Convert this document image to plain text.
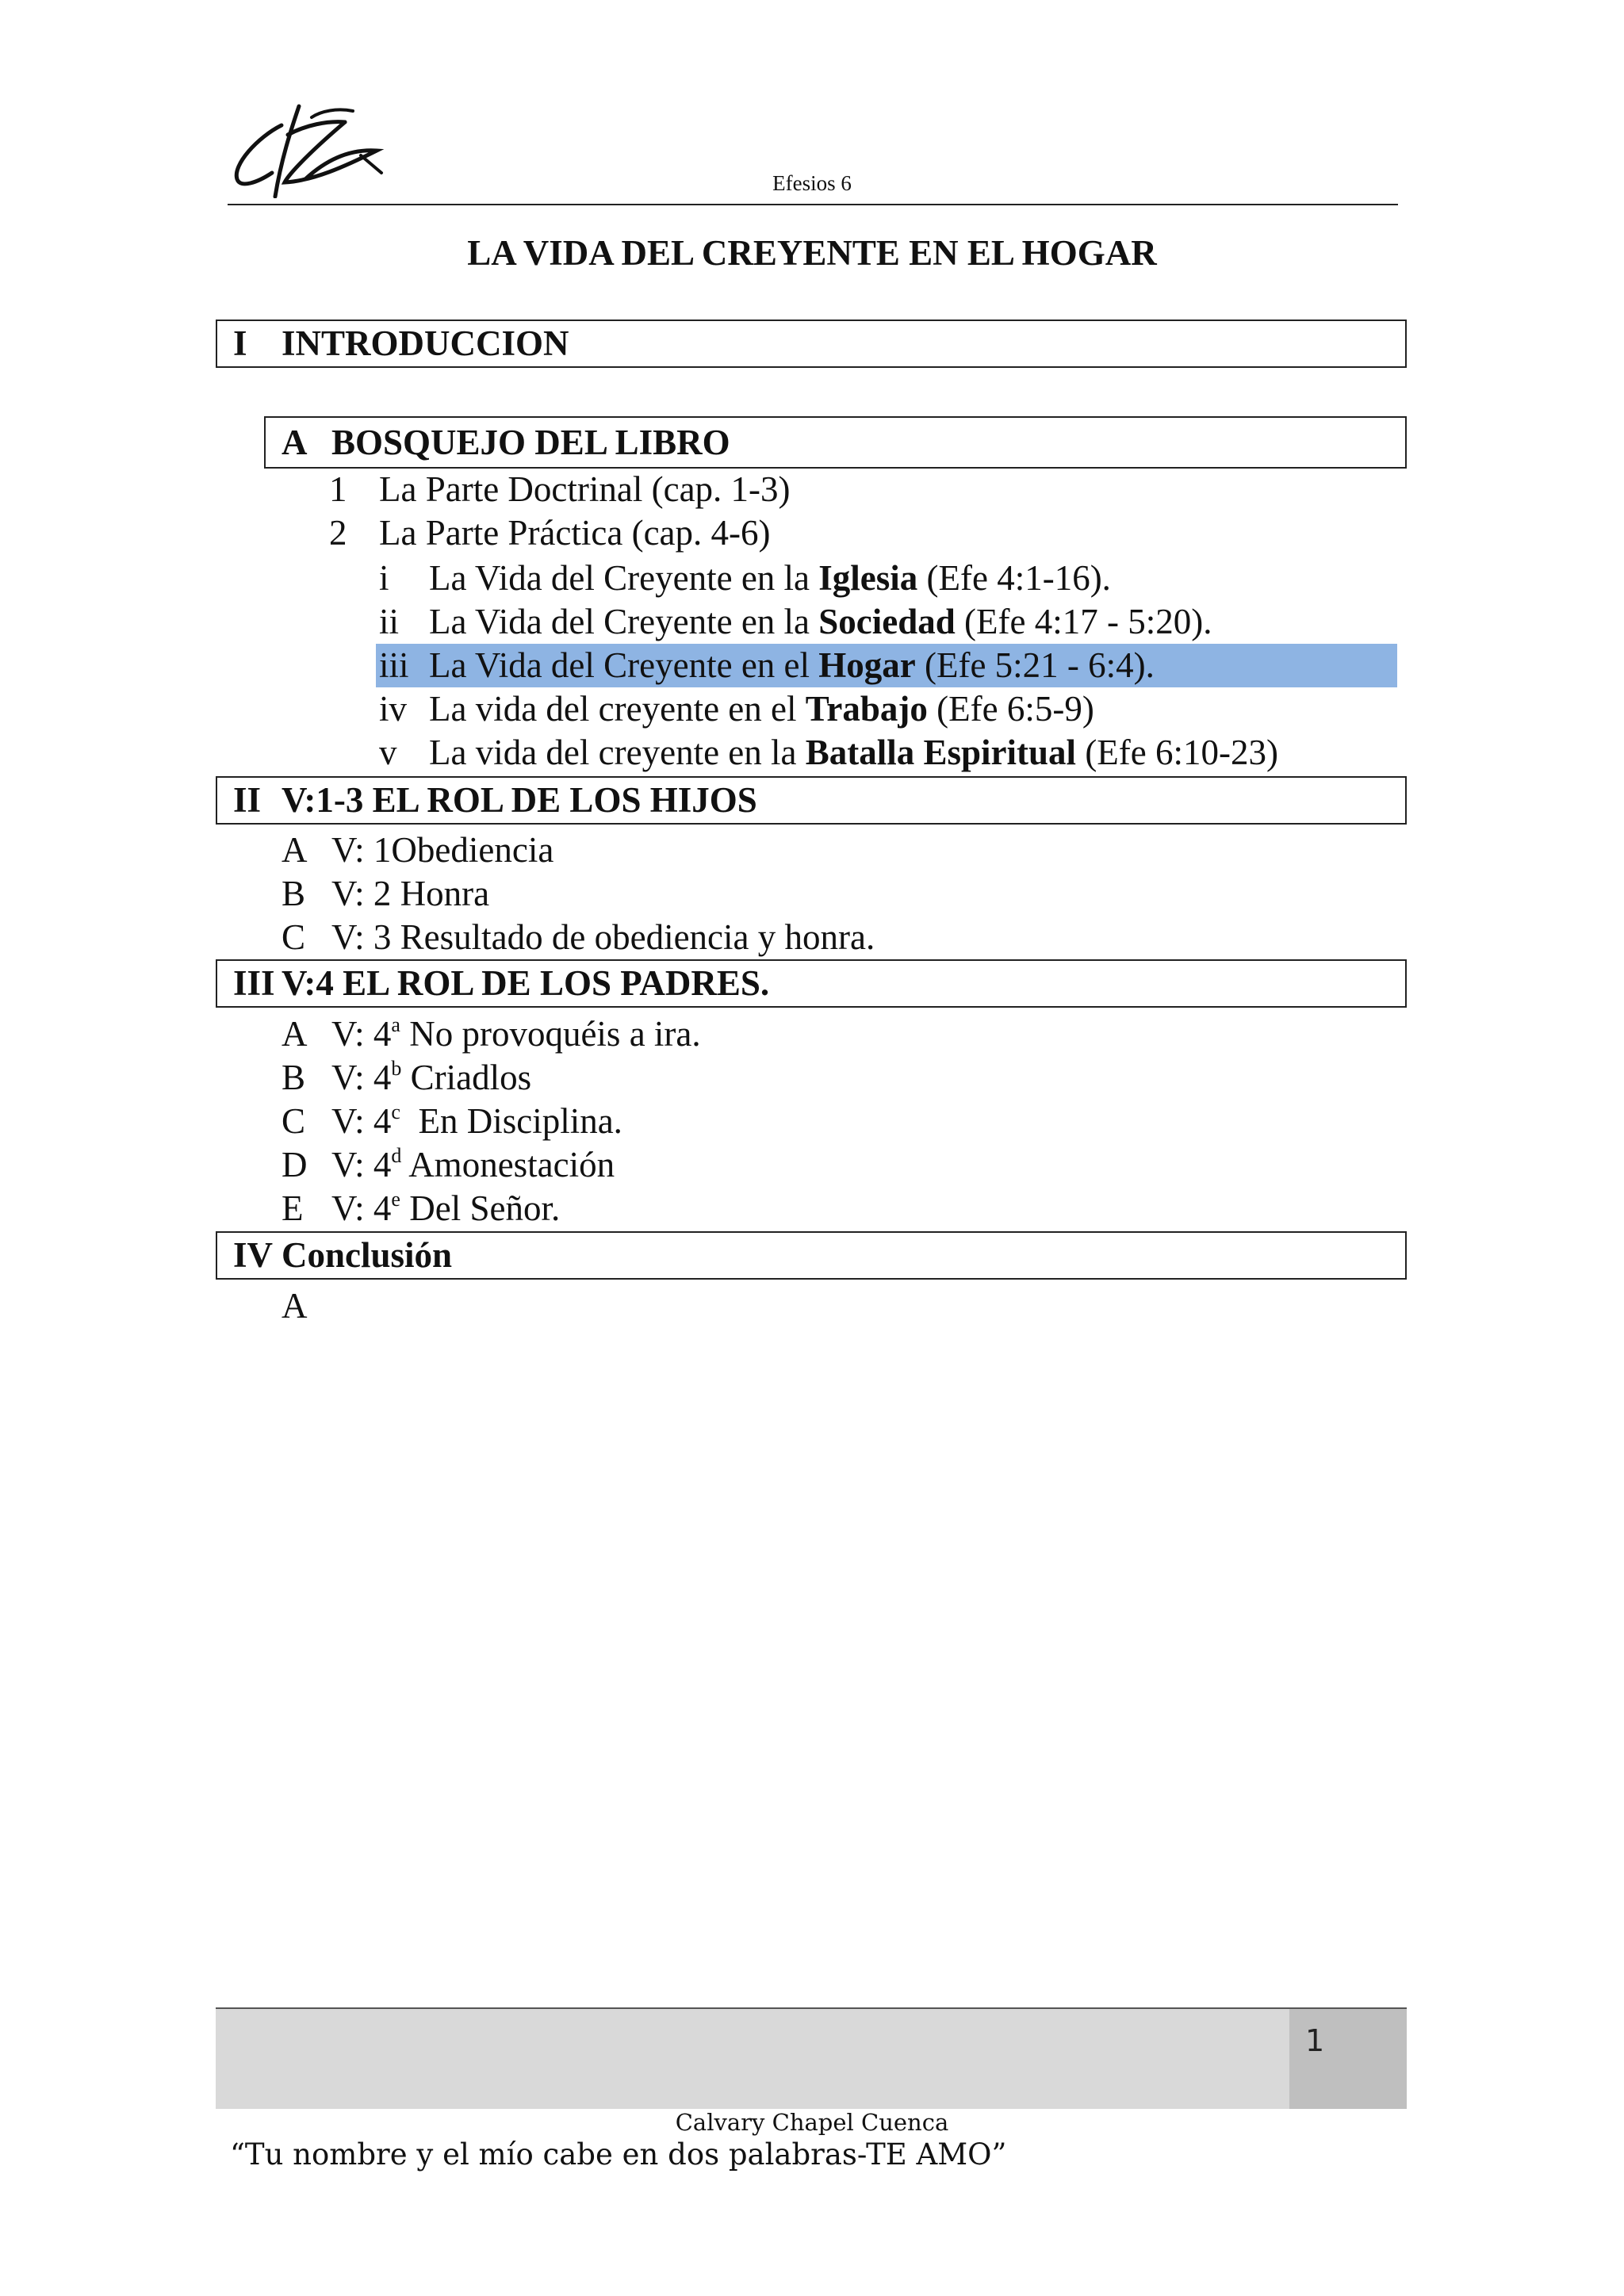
Efesios 6
LA VIDA DEL CREYENTE EN EL HOGAR
I INTRODUCCION
A BOSQUEJO DEL LIBRO
1 La Parte Doctrinal (cap. 1-3)
2 La Parte Práctica (cap. 4-6)
i La Vida del Creyente en la Iglesia (Efe 4:1-16).
ii La Vida del Creyente en la Sociedad (Efe 4:17 - 5:20).
iii La Vida del Creyente en el Hogar (Efe 5:21 - 6:4).
iv La vida del creyente en el Trabajo (Efe 6:5-9)
v La vida del creyente en la Batalla Espiritual (Efe 6:10-23)
II V:1-3 EL ROL DE LOS HIJOS
A V: 1Obediencia
B V: 2 Honra
C V: 3 Resultado de obediencia y honra.
III V:4 EL ROL DE LOS PADRES.
A V: 4$^a$ No provoquéis a ira.
B V: 4$^b$ Criadlos
C V: 4$^c$  En Disciplina.
D V: 4$^d$ Amonestación
E V: 4e Del Señor.
IV Conclusión
A
1
Calvary Chapel Cuenca
“Tu nombre y el mío cabe en dos palabras-TE AMO”
